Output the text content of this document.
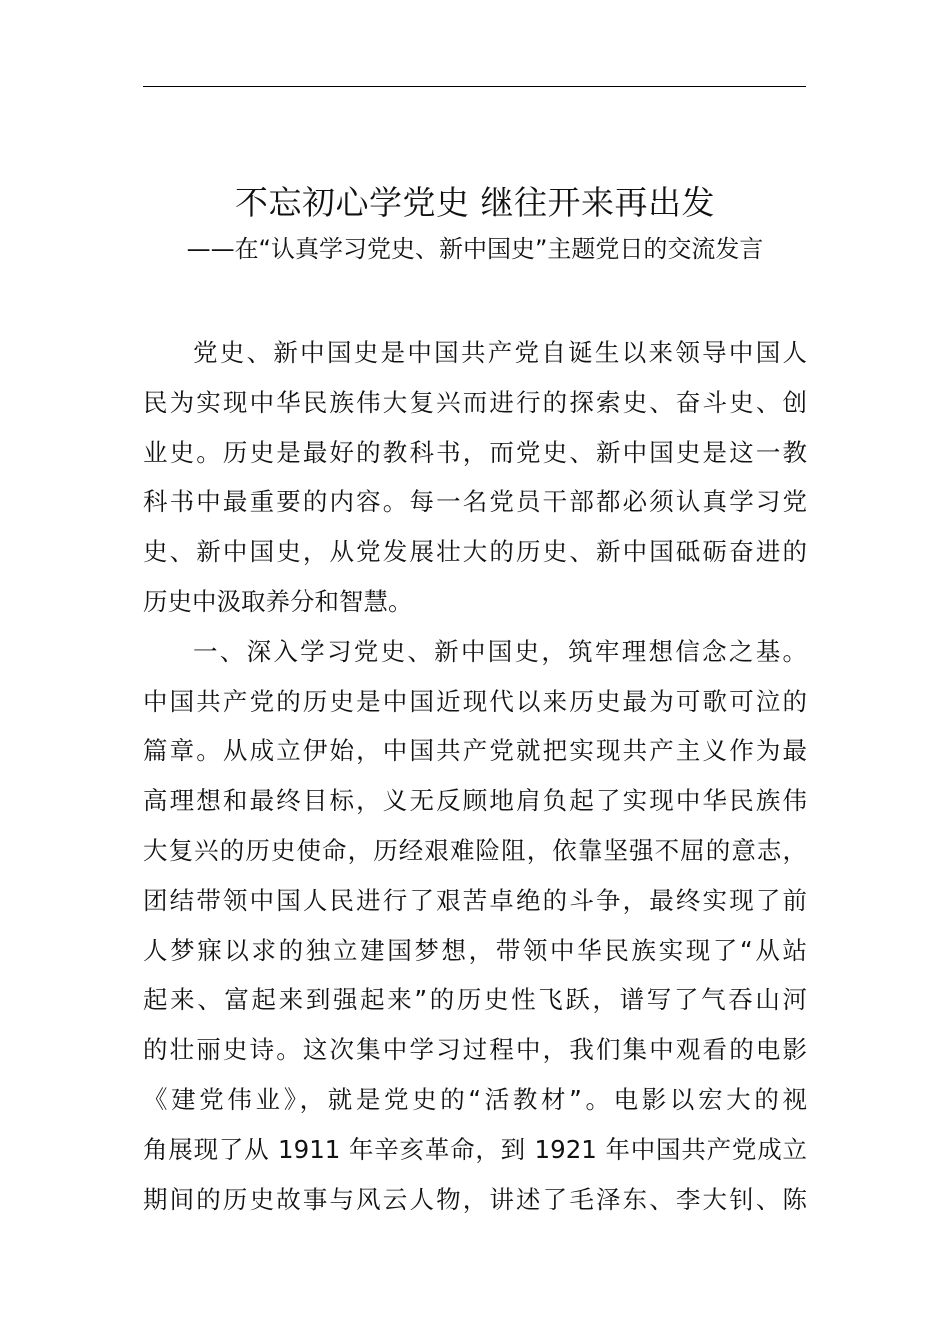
不忘初心学党史 继往开来再出发
——在“认真学习党史、新中国史”主题党日的交流发言
党史、新中国史是中国共产党自诞生以来领导中国人
民为实现中华民族伟大复兴而进行的探索史、奋斗史、创
业史。历史是最好的教科书，而党史、新中国史是这一教
科书中最重要的内容。每一名党员干部都必须认真学习党
史、新中国史，从党发展壮大的历史、新中国砥砺奋进的
历史中汲取养分和智慧。
一、深入学习党史、新中国史，筑牢理想信念之基。
中国共产党的历史是中国近现代以来历史最为可歌可泣的
篇章。从成立伊始，中国共产党就把实现共产主义作为最
高理想和最终目标，义无反顾地肩负起了实现中华民族伟
大复兴的历史使命，历经艰难险阻，依靠坚强不屈的意志，
团结带领中国人民进行了艰苦卓绝的斗争，最终实现了前
人梦寐以求的独立建国梦想，带领中华民族实现了“从站
起来、富起来到强起来”的历史性飞跃，谱写了气吞山河
的壮丽史诗。这次集中学习过程中，我们集中观看的电影
《建党伟业》，就是党史的“活教材”。电影以宏大的视
角展现了从 1911 年辛亥革命，到 1921 年中国共产党成立
期间的历史故事与风云人物，讲述了毛泽东、李大钊、陈
